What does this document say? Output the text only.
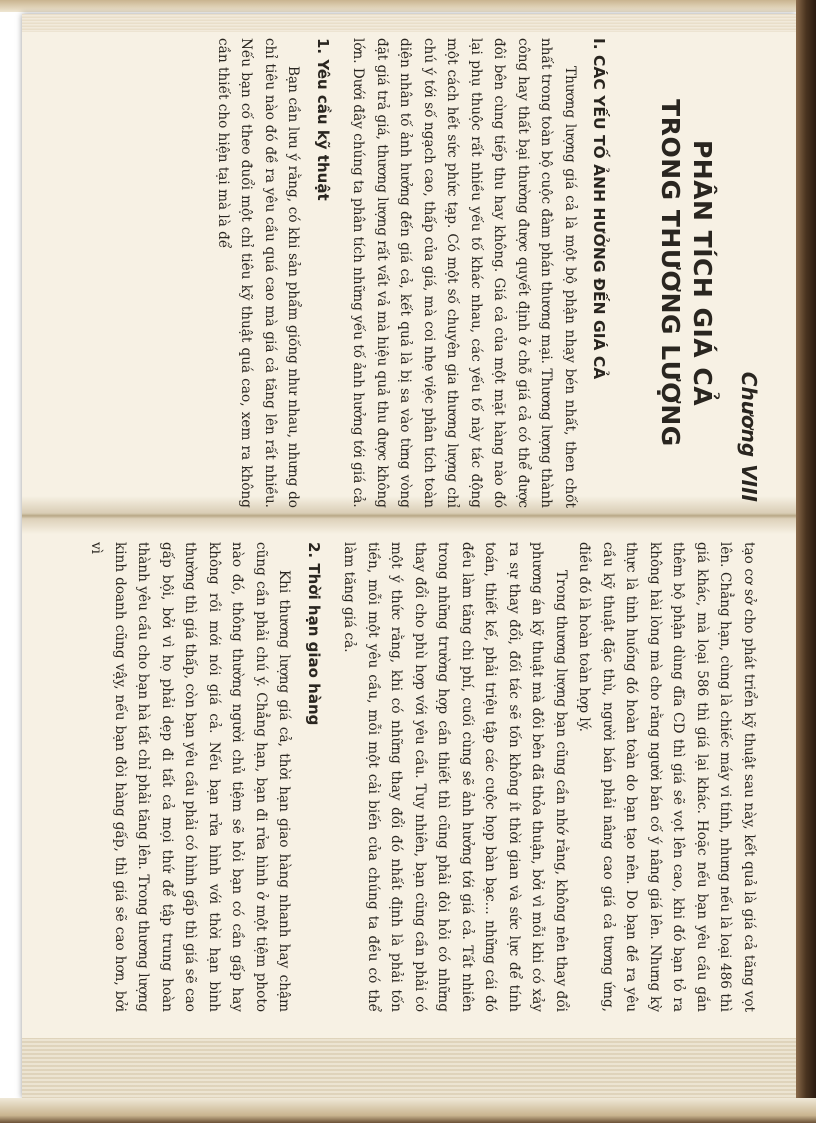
Chương VIII
PHÂN TÍCH GIÁ CẢ
TRONG THƯƠNG LƯỢNG
I. CÁC YẾU TỐ ẢNH HƯỞNG ĐẾN GIÁ CẢ

Thương lượng giá cả là một bộ phận nhạy bén nhất, then chốt nhất trong toàn bộ cuộc đàm phán thương mại. Thương lượng thành công hay thất bại thường được quyết định ở chỗ giá cả có thể được đôi bên cùng tiếp thu hay không. Giá cả của một mặt hàng nào đó lại phụ thuộc rất nhiều yếu tố khác nhau, các yếu tố này tác động một cách hết sức phức tạp. Có một số chuyên gia thương lượng chỉ chú ý tới số ngạch cao, thấp của giá, mà coi nhẹ việc phân tích toàn diện nhân tố ảnh hưởng đến giá cả, kết quả là bị sa vào từng vòng đặt giá trả giá, thương lượng rất vất vả mà hiệu quả thu được không lớn. Dưới đây chúng ta phân tích những yếu tố ảnh hưởng tới giá cả.

1. Yêu cầu kỹ thuật

Bạn cần lưu ý rằng, có khi sản phẩm giống như nhau, nhưng do chỉ tiêu nào đó đề ra yêu cầu quá cao mà giá cả tăng lên rất nhiều. Nếu bạn cố theo đuổi một chỉ tiêu kỹ thuật quá cao, xem ra không cần thiết cho hiện tại mà là để

tạo cơ sở cho phát triển kỹ thuật sau này, kết quả là giá cả tăng vọt lên. Chẳng hạn, cùng là chiếc máy vi tính, nhưng nếu là loại 486 thì giá khác, mà loại 586 thì giá lại khác. Hoặc nếu bạn yêu cầu gắn thêm bộ phận dùng đĩa CD thì giá sẽ vọt lên cao, khi đó bạn tỏ ra không hài lòng mà cho rằng người bán cố ý nâng giá lên. Nhưng kỳ thực là tình huống đó hoàn toàn do bạn tạo nên. Do bạn đề ra yêu cầu kỹ thuật đặc thù, người bán phải nâng cao giá cả tương ứng, điều đó là hoàn toàn hợp lý.

Trong thương lượng bạn cũng cần nhớ rằng, không nên thay đổi phương án kỹ thuật mà đôi bên đã thỏa thuận, bởi vì mỗi khi có xảy ra sự thay đổi, đối tác sẽ tốn không ít thời gian và sức lực để tính toán, thiết kế, phải triệu tập các cuộc họp bàn bạc... những cái đó đều làm tăng chi phí, cuối cùng sẽ ảnh hưởng tới giá cả. Tất nhiên trong những trường hợp cần thiết thì cũng phải đòi hỏi có những thay đổi cho phù hợp với yêu cầu. Tuy nhiên, bạn cũng cần phải có một ý thức rằng, khi có những thay đổi đó nhất định là phải tốn tiền, mỗi một yêu cầu, mỗi một cải biến của chúng ta đều có thể làm tăng giá cả.

2. Thời hạn giao hàng

Khi thương lượng giá cả, thời hạn giao hàng nhanh hay chậm cũng cần phải chú ý. Chẳng hạn, bạn đi rửa hình ở một tiệm photo nào đó, thông thường người chủ tiệm sẽ hỏi bạn có cần gấp hay không rồi mới nói giá cả. Nếu bạn rửa hình với thời hạn bình thường thì giá thấp, còn bạn yêu cầu phải có hình gấp thì giá sẽ cao gấp bội, bởi vì họ phải dẹp đi tất cả mọi thứ để tập trung hoàn thành yêu cầu cho bạn hà tất chỉ phải tăng lên. Trong thương lượng kinh doanh cũng vậy, nếu bạn đòi hàng gấp, thì giá sẽ cao hơn, bởi vì
